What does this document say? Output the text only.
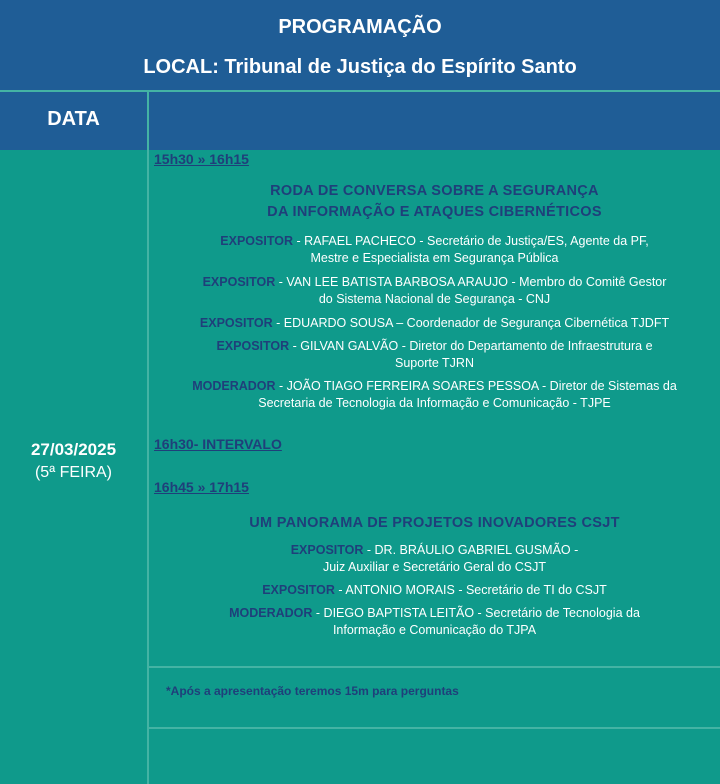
PROGRAMAÇÃO
LOCAL: Tribunal de Justiça do Espírito Santo
DATA
27/03/2025
(5ª FEIRA)
15h30 » 16h15
RODA DE CONVERSA SOBRE A SEGURANÇA
DA INFORMAÇÃO E ATAQUES CIBERNÉTICOS
EXPOSITOR - RAFAEL PACHECO - Secretário de Justiça/ES, Agente da PF,
Mestre e Especialista em Segurança Pública
EXPOSITOR - VAN LEE BATISTA BARBOSA ARAUJO - Membro do Comitê Gestor
do Sistema Nacional de Segurança - CNJ
EXPOSITOR - EDUARDO SOUSA – Coordenador de Segurança Cibernética TJDFT
EXPOSITOR - GILVAN GALVÃO - Diretor do Departamento de Infraestrutura e
Suporte TJRN
MODERADOR - JOÃO TIAGO FERREIRA SOARES PESSOA - Diretor de Sistemas da
Secretaria de Tecnologia da Informação e Comunicação - TJPE
16h30- INTERVALO
16h45 » 17h15
UM PANORAMA DE PROJETOS INOVADORES CSJT
EXPOSITOR - DR. BRÁULIO GABRIEL GUSMÃO -
Juiz Auxiliar e Secretário Geral do CSJT
EXPOSITOR - ANTONIO MORAIS - Secretário de TI do CSJT
MODERADOR - DIEGO BAPTISTA LEITÃO - Secretário de Tecnologia da
Informação e Comunicação do TJPA
*Após a apresentação teremos 15m para perguntas
